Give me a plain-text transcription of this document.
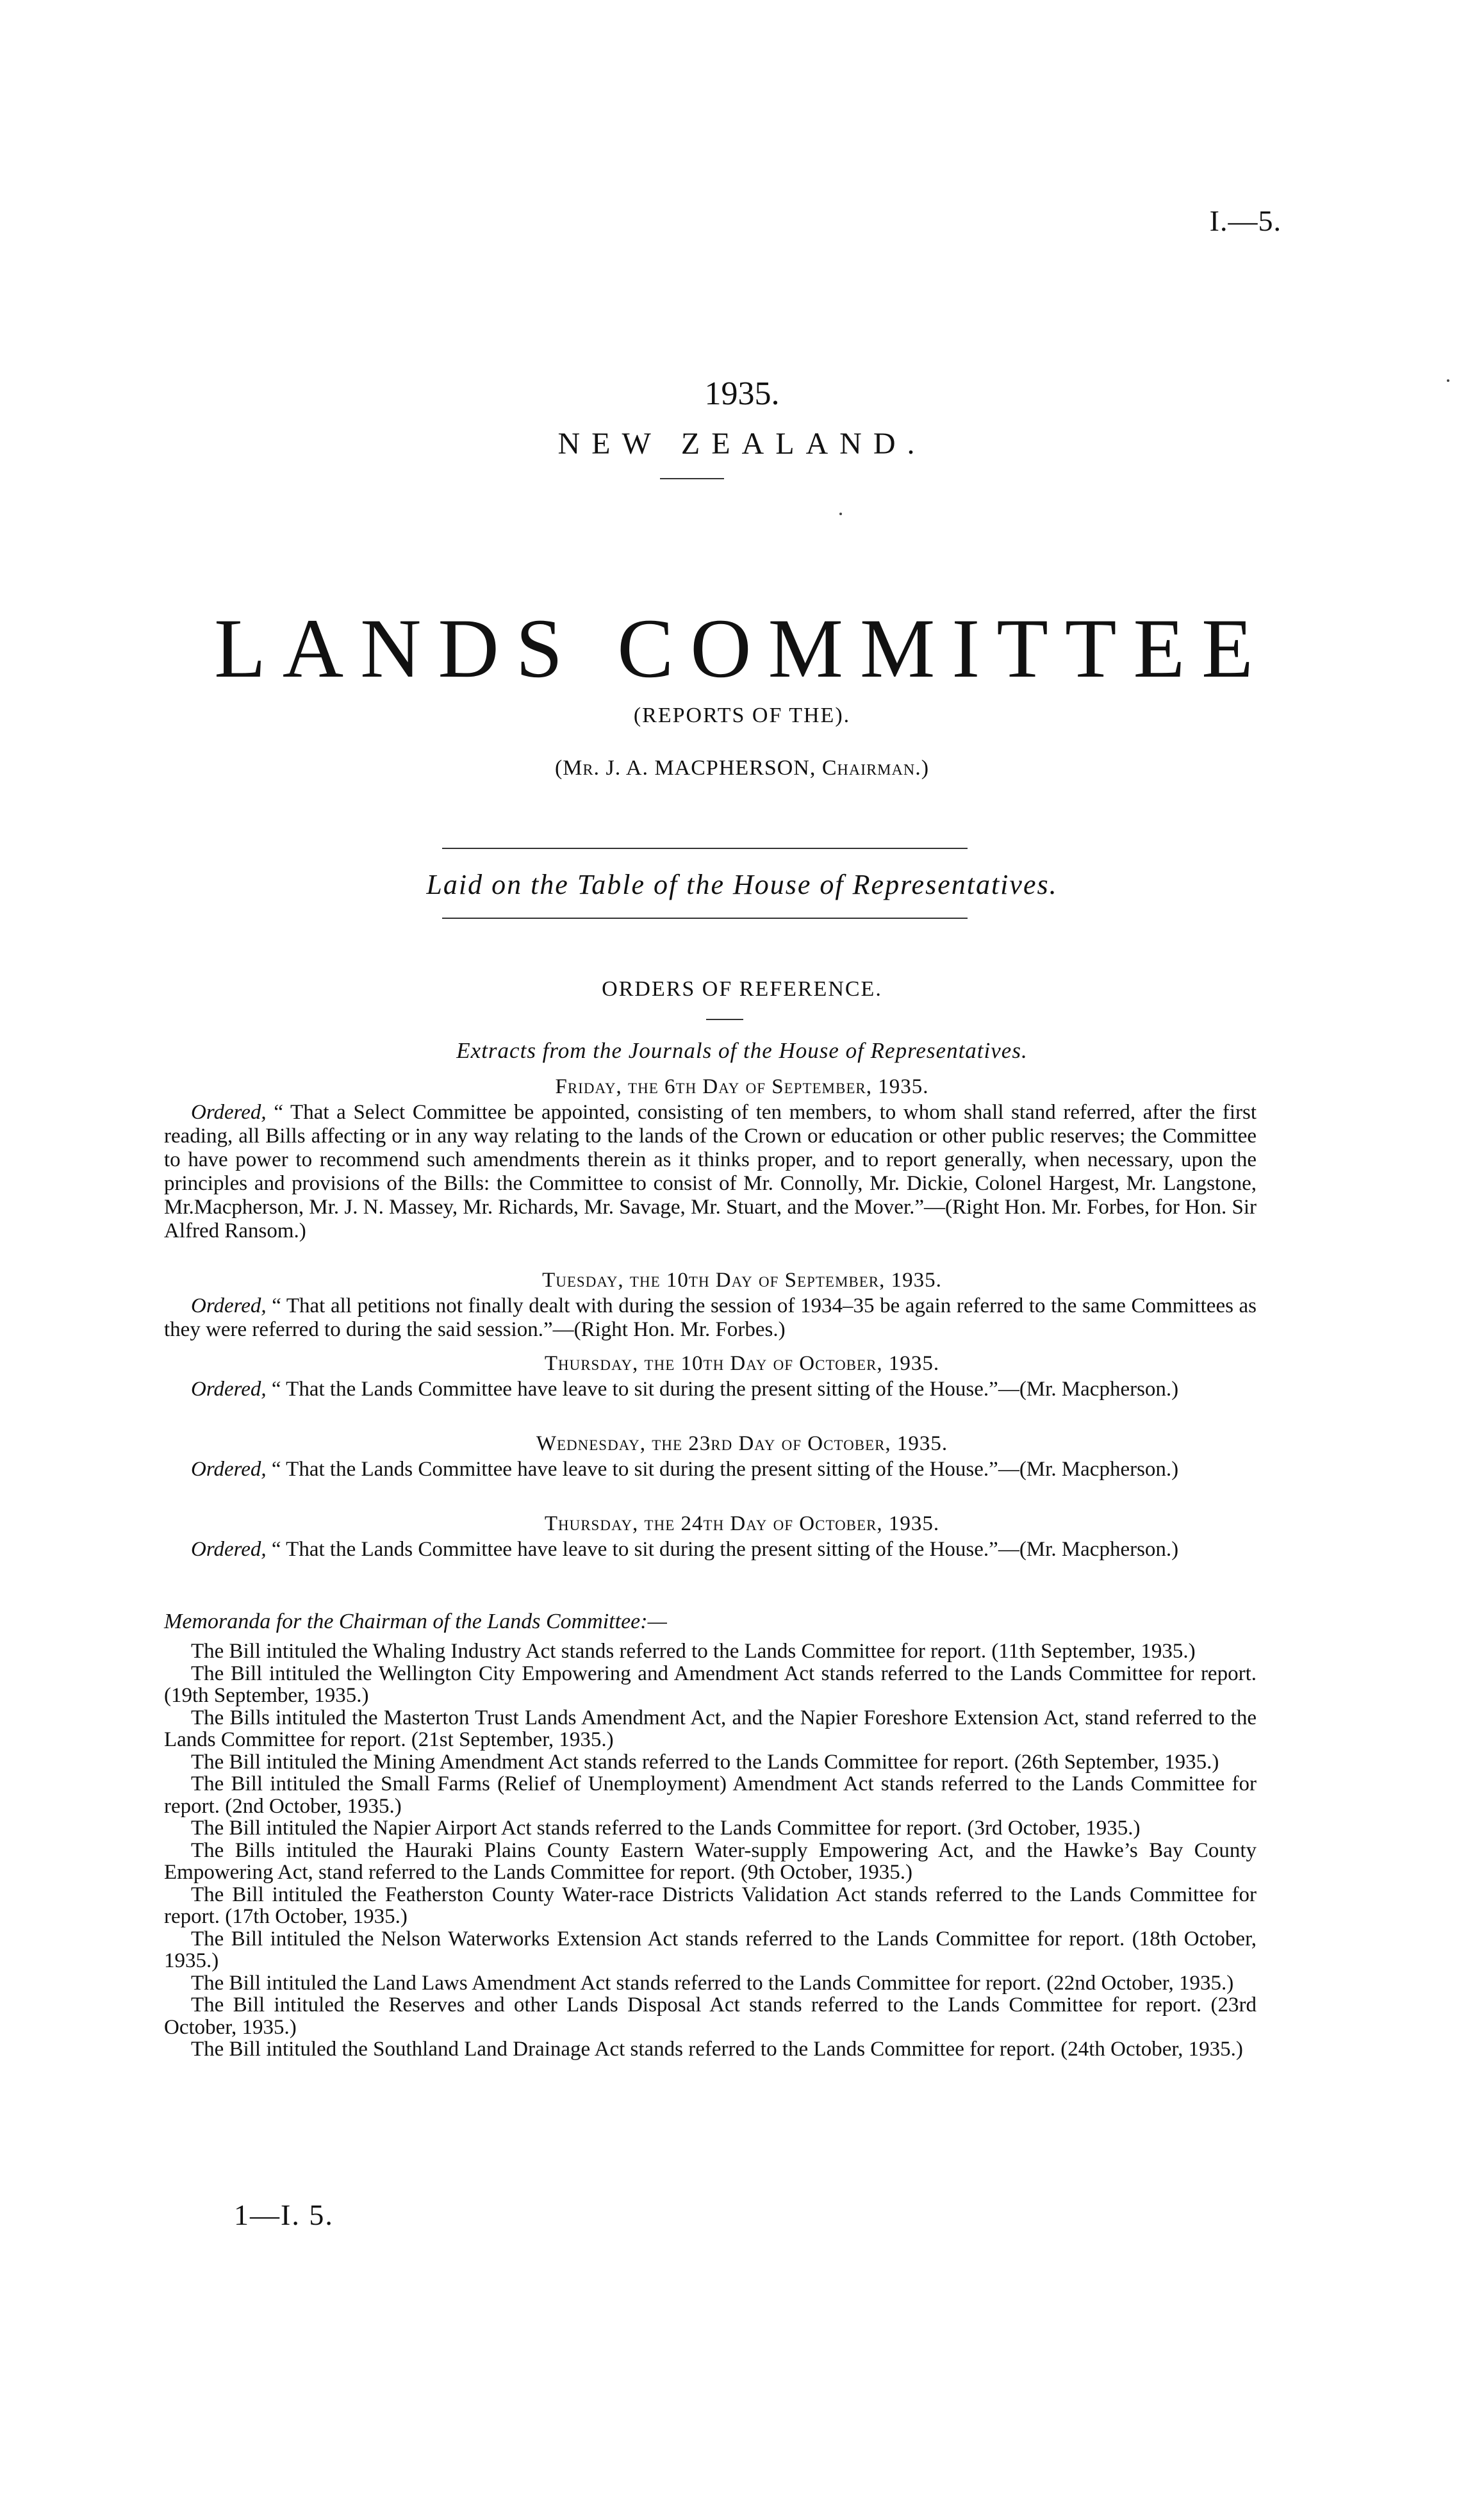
I.—5.
1935.
NEW ZEALAND.
LANDS COMMITTEE
(REPORTS OF THE).
(Mr. J. A. MACPHERSON, Chairman.)
Laid on the Table of the House of Representatives.
ORDERS OF REFERENCE.
Extracts from the Journals of the House of Representatives.
Friday, the 6th Day of September, 1935.

Ordered, “ That a Select Committee be appointed, consisting of ten members, to whom shall stand referred, after the first reading, all Bills affecting or in any way relating to the lands of the Crown or education or other public reserves; the Committee to have power to recommend such amendments therein as it thinks proper, and to report generally, when necessary, upon the principles and provisions of the Bills: the Committee to consist of Mr. Connolly, Mr. Dickie, Colonel Hargest, Mr. Langstone, Mr.Macpherson, Mr. J. N. Massey, Mr. Richards, Mr. Savage, Mr. Stuart, and the Mover.”—(Right Hon. Mr. Forbes, for Hon. Sir Alfred Ransom.)

Tuesday, the 10th Day of September, 1935.

Ordered, “ That all petitions not finally dealt with during the session of 1934–35 be again referred to the same Committees as they were referred to during the said session.”—(Right Hon. Mr. Forbes.)

Thursday, the 10th Day of October, 1935.

Ordered, “ That the Lands Committee have leave to sit during the present sitting of the House.”—(Mr. Macpherson.)

Wednesday, the 23rd Day of October, 1935.

Ordered, “ That the Lands Committee have leave to sit during the present sitting of the House.”—(Mr. Macpherson.)

Thursday, the 24th Day of October, 1935.

Ordered, “ That the Lands Committee have leave to sit during the present sitting of the House.”—(Mr. Macpherson.)

Memoranda for the Chairman of the Lands Committee:—

The Bill intituled the Whaling Industry Act stands referred to the Lands Committee for report. (11th September, 1935.)

The Bill intituled the Wellington City Empowering and Amendment Act stands referred to the Lands Committee for report. (19th September, 1935.)

The Bills intituled the Masterton Trust Lands Amendment Act, and the Napier Foreshore Extension Act, stand referred to the Lands Committee for report. (21st September, 1935.)

The Bill intituled the Mining Amendment Act stands referred to the Lands Committee for report. (26th September, 1935.)

The Bill intituled the Small Farms (Relief of Unemployment) Amendment Act stands referred to the Lands Committee for report. (2nd October, 1935.)

The Bill intituled the Napier Airport Act stands referred to the Lands Committee for report. (3rd October, 1935.)

The Bills intituled the Hauraki Plains County Eastern Water-supply Empowering Act, and the Hawke’s Bay County Empowering Act, stand referred to the Lands Committee for report. (9th October, 1935.)

The Bill intituled the Featherston County Water-race Districts Validation Act stands referred to the Lands Committee for report. (17th October, 1935.)

The Bill intituled the Nelson Waterworks Extension Act stands referred to the Lands Committee for report. (18th October, 1935.)

The Bill intituled the Land Laws Amendment Act stands referred to the Lands Committee for report. (22nd October, 1935.)

The Bill intituled the Reserves and other Lands Disposal Act stands referred to the Lands Committee for report. (23rd October, 1935.)

The Bill intituled the Southland Land Drainage Act stands referred to the Lands Committee for report. (24th October, 1935.)

1—I. 5.
